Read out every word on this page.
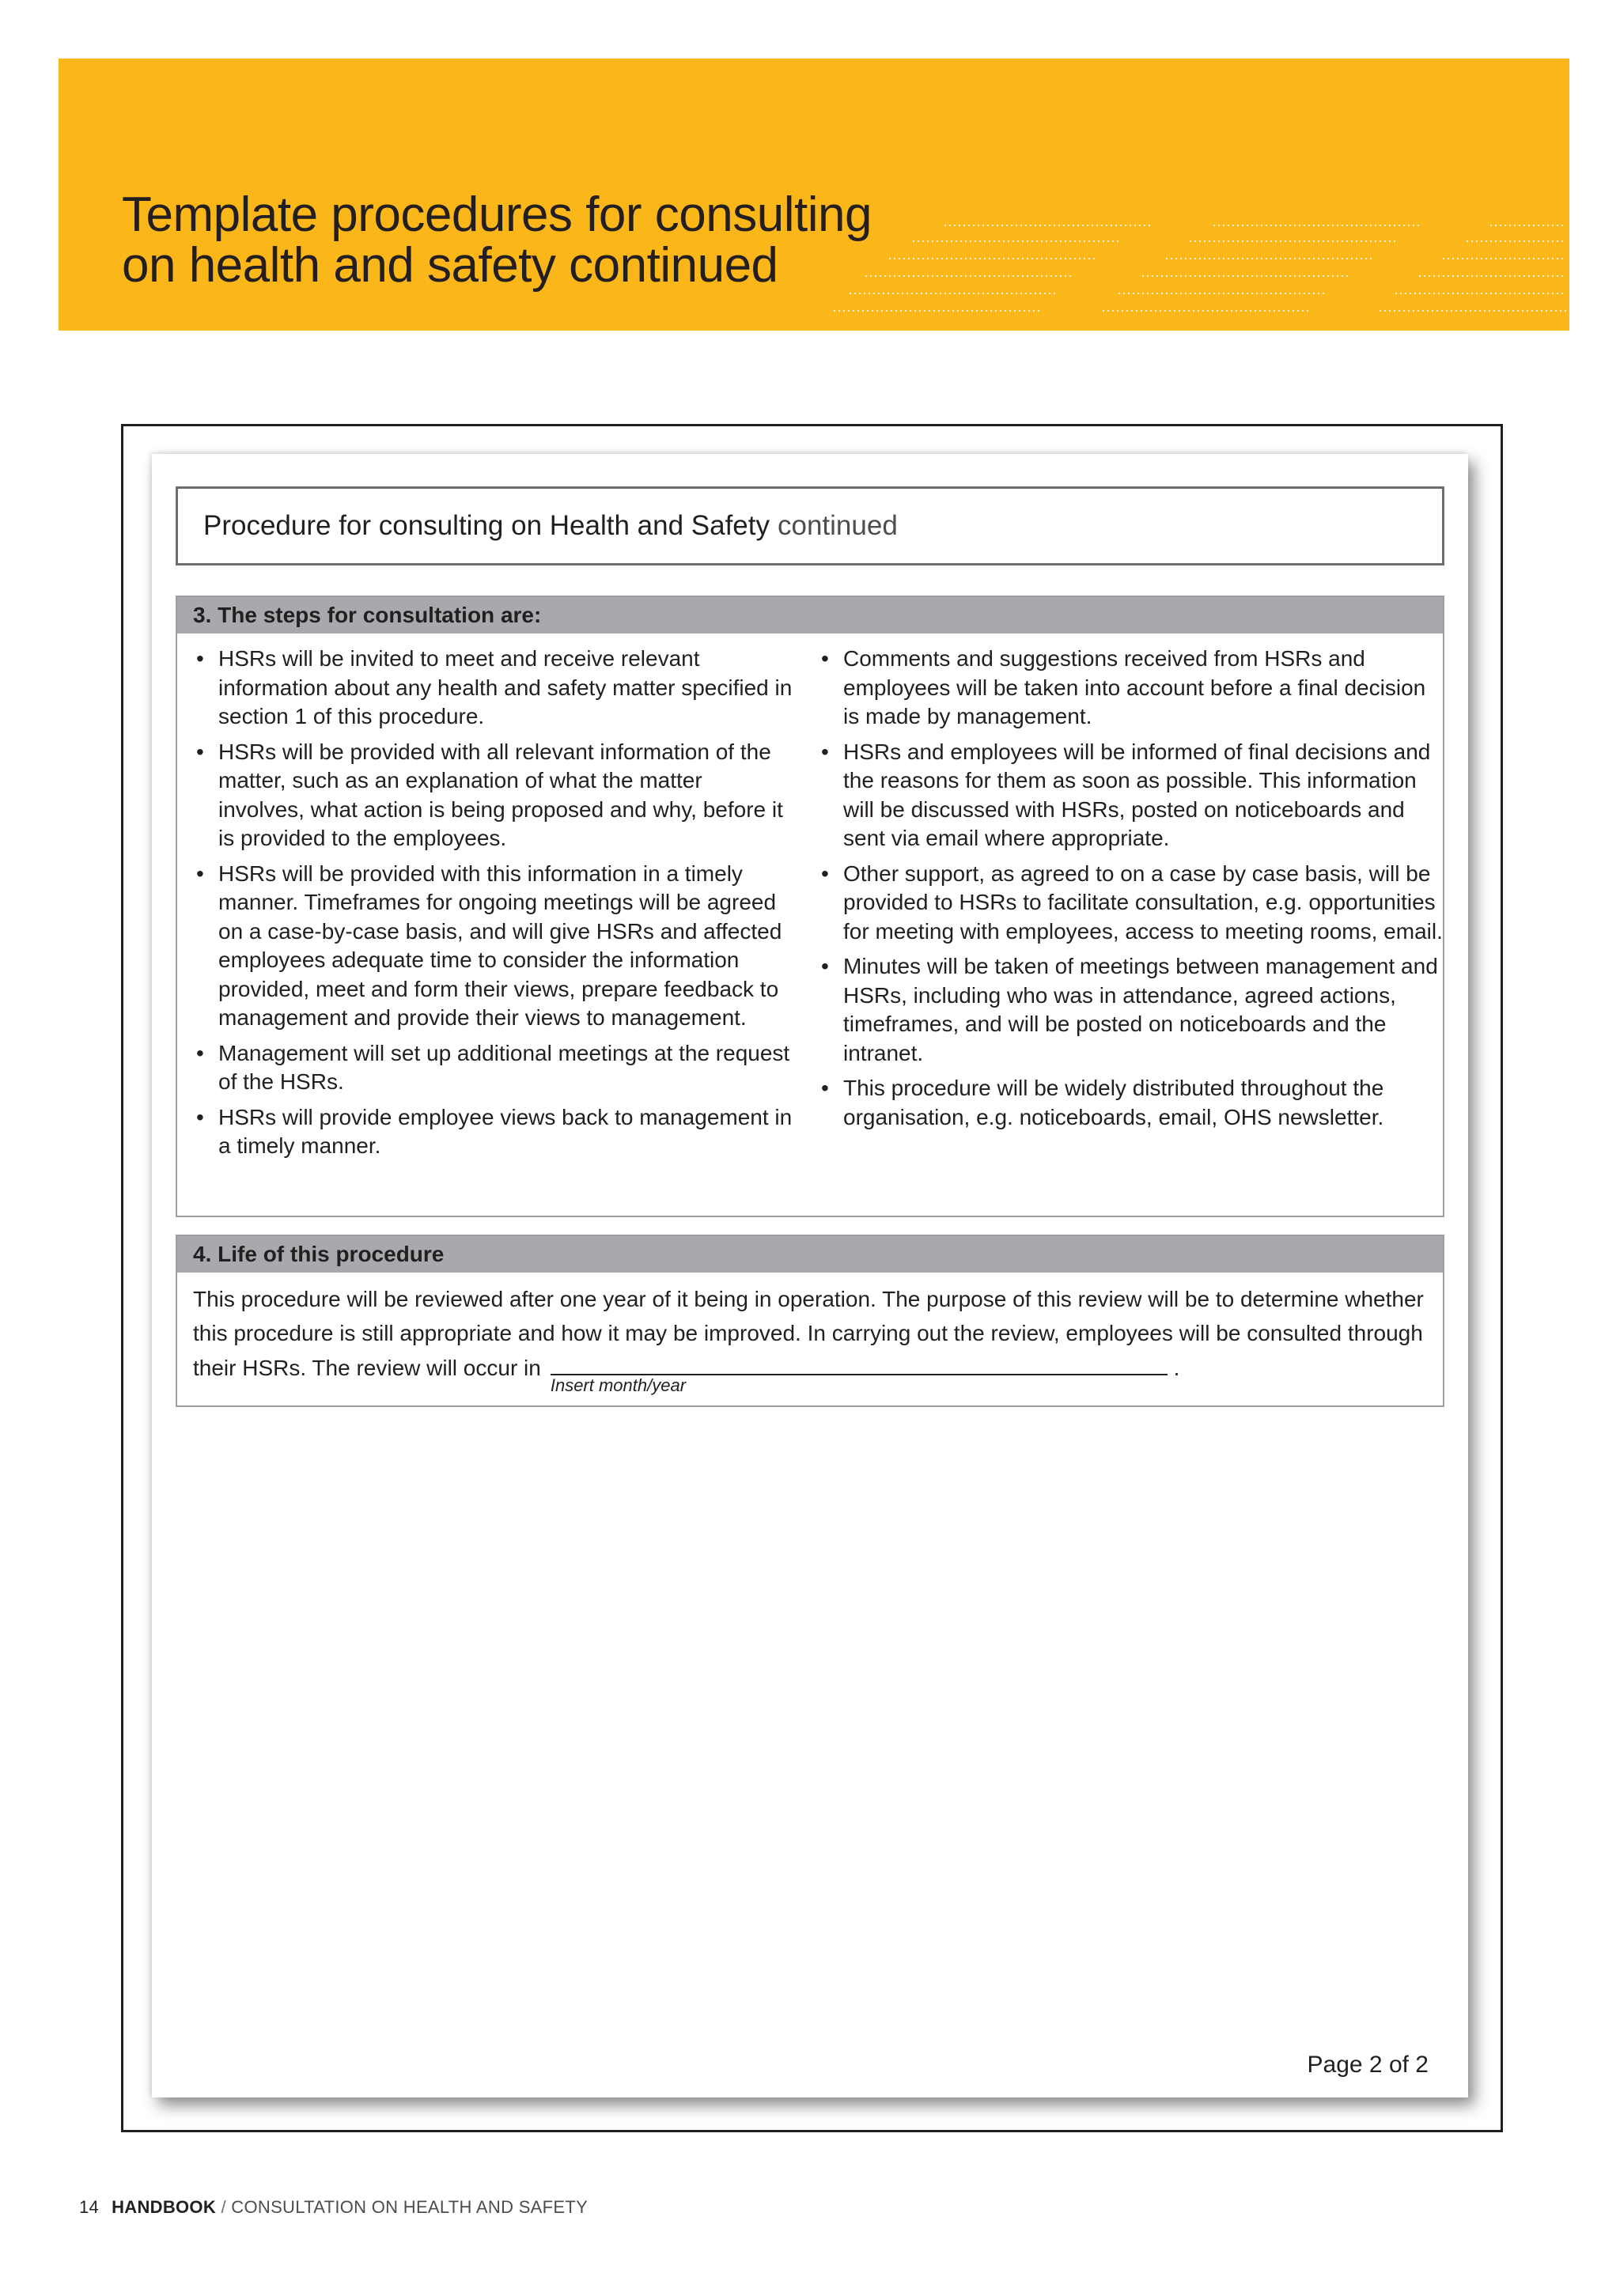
Template procedures for consulting
on health and safety continued
Procedure for consulting on Health and Safety continued
3. The steps for consultation are:
• HSRs will be invited to meet and receive relevant information about any health and safety matter specified in section 1 of this procedure.
• HSRs will be provided with all relevant information of the matter, such as an explanation of what the matter involves, what action is being proposed and why, before it is provided to the employees.
• HSRs will be provided with this information in a timely manner. Timeframes for ongoing meetings will be agreed on a case-by-case basis, and will give HSRs and affected employees adequate time to consider the information provided, meet and form their views, prepare feedback to management and provide their views to management.
• Management will set up additional meetings at the request of the HSRs.
• HSRs will provide employee views back to management in a timely manner.
• Comments and suggestions received from HSRs and employees will be taken into account before a final decision is made by management.
• HSRs and employees will be informed of final decisions and the reasons for them as soon as possible. This information will be discussed with HSRs, posted on noticeboards and sent via email where appropriate.
• Other support, as agreed to on a case by case basis, will be provided to HSRs to facilitate consultation, e.g. opportunities for meeting with employees, access to meeting rooms, email.
• Minutes will be taken of meetings between management and HSRs, including who was in attendance, agreed actions, timeframes, and will be posted on noticeboards and the intranet.
• This procedure will be widely distributed throughout the organisation, e.g. noticeboards, email, OHS newsletter.
4. Life of this procedure
This procedure will be reviewed after one year of it being in operation. The purpose of this review will be to determine whether this procedure is still appropriate and how it may be improved. In carrying out the review, employees will be consulted through their HSRs. The review will occur in
Insert month/year
.
Page 2 of 2
14 HANDBOOK / CONSULTATION ON HEALTH AND SAFETY
